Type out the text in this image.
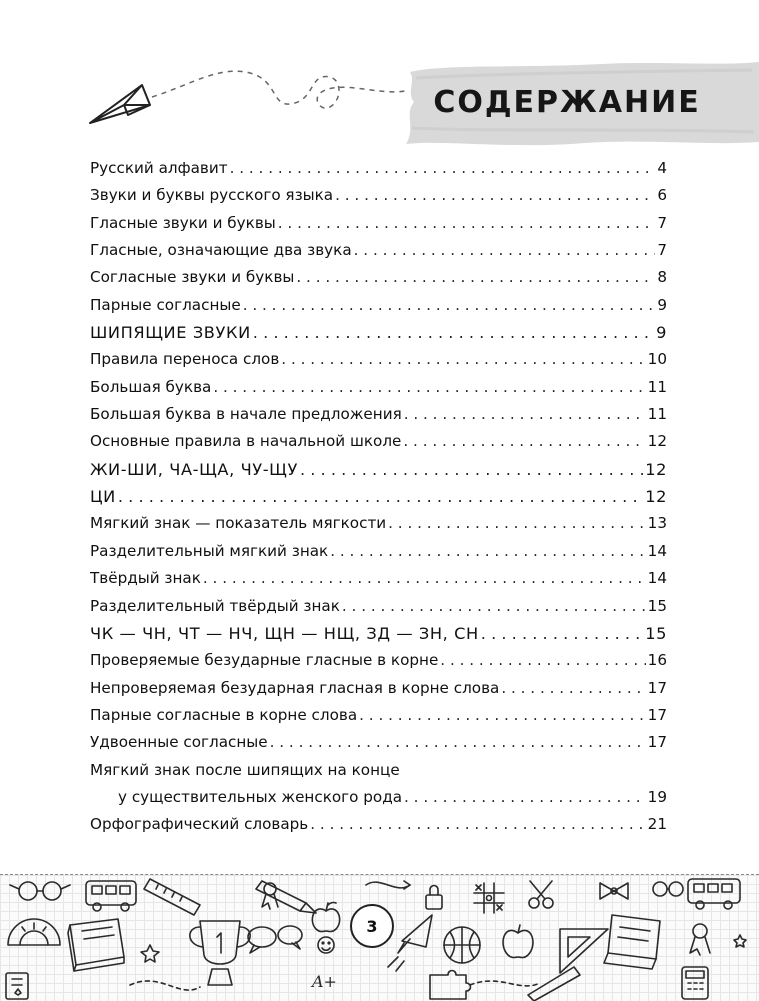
СОДЕРЖАНИЕ
Русский алфавит . . .	4
Звуки и буквы русского языка . . .	6
Гласные звуки и буквы . . .	7
Гласные, означающие два звука . . .	7
Согласные звуки и буквы . . .	8
Парные согласные . . .	9
ШИПЯЩИЕ ЗВУКИ . . .	9
Правила переноса слов . . .	10
Большая буква . . .	11
Большая буква в начале предложения . . .	11
Основные правила в начальной школе . . .	12
ЖИ-ШИ, ЧА-ЩА, ЧУ-ЩУ . . .	12
ЦИ . . .	12
Мягкий знак — показатель мягкости . . .	13
Разделительный мягкий знак . . .	14
Твёрдый знак . . .	14
Разделительный твёрдый знак . . .	15
ЧК — ЧН, ЧТ — НЧ, ЩН — НЩ, ЗД — ЗН, СН . . .	15
Проверяемые безударные гласные в корне . . .	16
Непроверяемая безударная гласная в корне слова . . .	17
Парные согласные в корне слова . . .	17
Удвоенные согласные . . .	17
Мягкий знак после шипящих на конце
у существительных женского рода . . .	19
Орфографический словарь . . .	21
A+
3
